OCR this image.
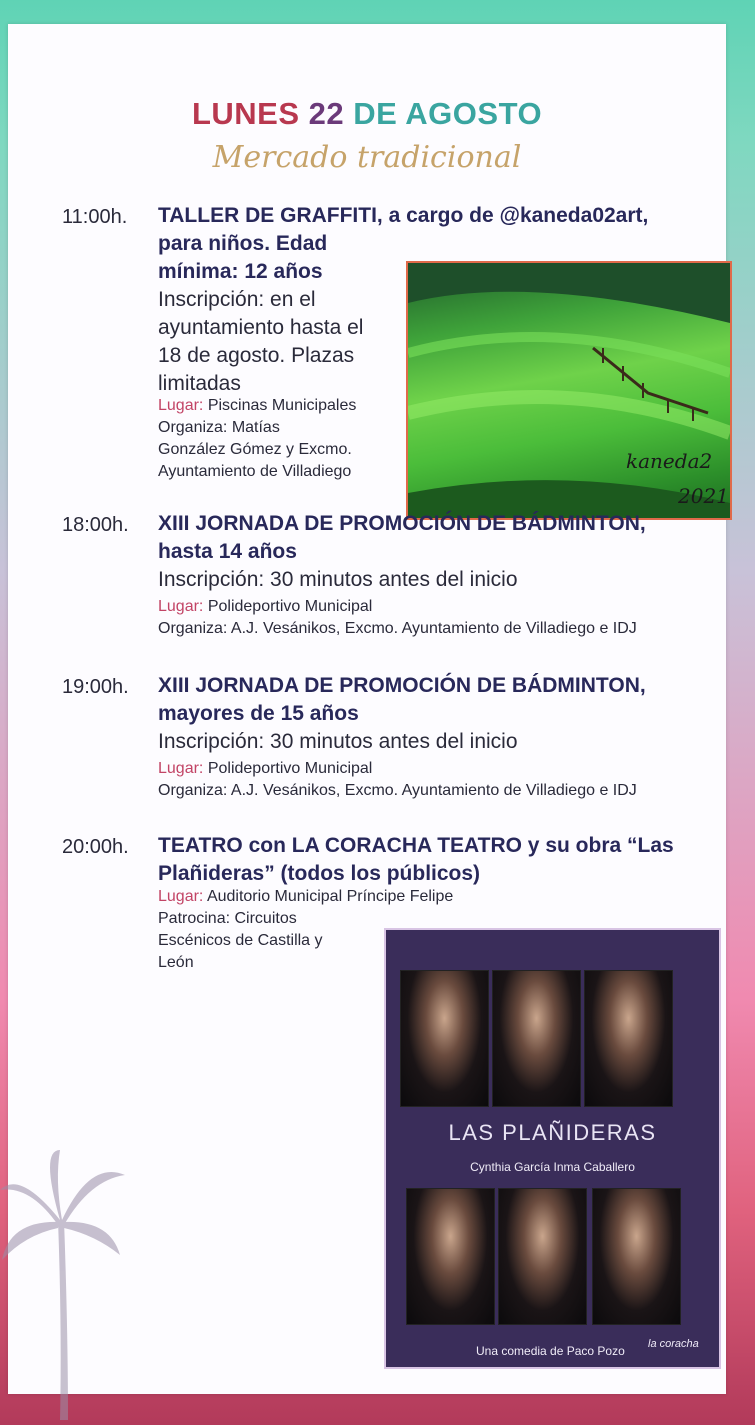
LUNES 22 DE AGOSTO
Mercado tradicional
11:00h. TALLER DE GRAFFITI, a cargo de @kaneda02art,
para niños. Edad
mínima: 12 años
Inscripción: en el
ayuntamiento hasta el
18 de agosto. Plazas
limitadas
Lugar: Piscinas Municipales
Organiza: Matías
González Gómez y Excmo.
Ayuntamiento de Villadiego	kaneda2
2021
18:00h. XIII JORNADA DE PROMOCIÓN DE BÁDMINTON,
hasta 14 años
Inscripción: 30 minutos antes del inicio
Lugar: Polideportivo Municipal
Organiza: A.J. Vesánikos, Excmo. Ayuntamiento de Villadiego e IDJ
19:00h. XIII JORNADA DE PROMOCIÓN DE BÁDMINTON,
mayores de 15 años
Inscripción: 30 minutos antes del inicio
Lugar: Polideportivo Municipal
Organiza: A.J. Vesánikos, Excmo. Ayuntamiento de Villadiego e IDJ
20:00h. TEATRO con LA CORACHA TEATRO y su obra “Las
Plañideras” (todos los públicos)
Lugar: Auditorio Municipal Príncipe Felipe
Patrocina: Circuitos
Escénicos de Castilla y
León
LAS PLAÑIDERAS
Cynthia García Inma Caballero
Una comedia de Paco Pozo la coracha
